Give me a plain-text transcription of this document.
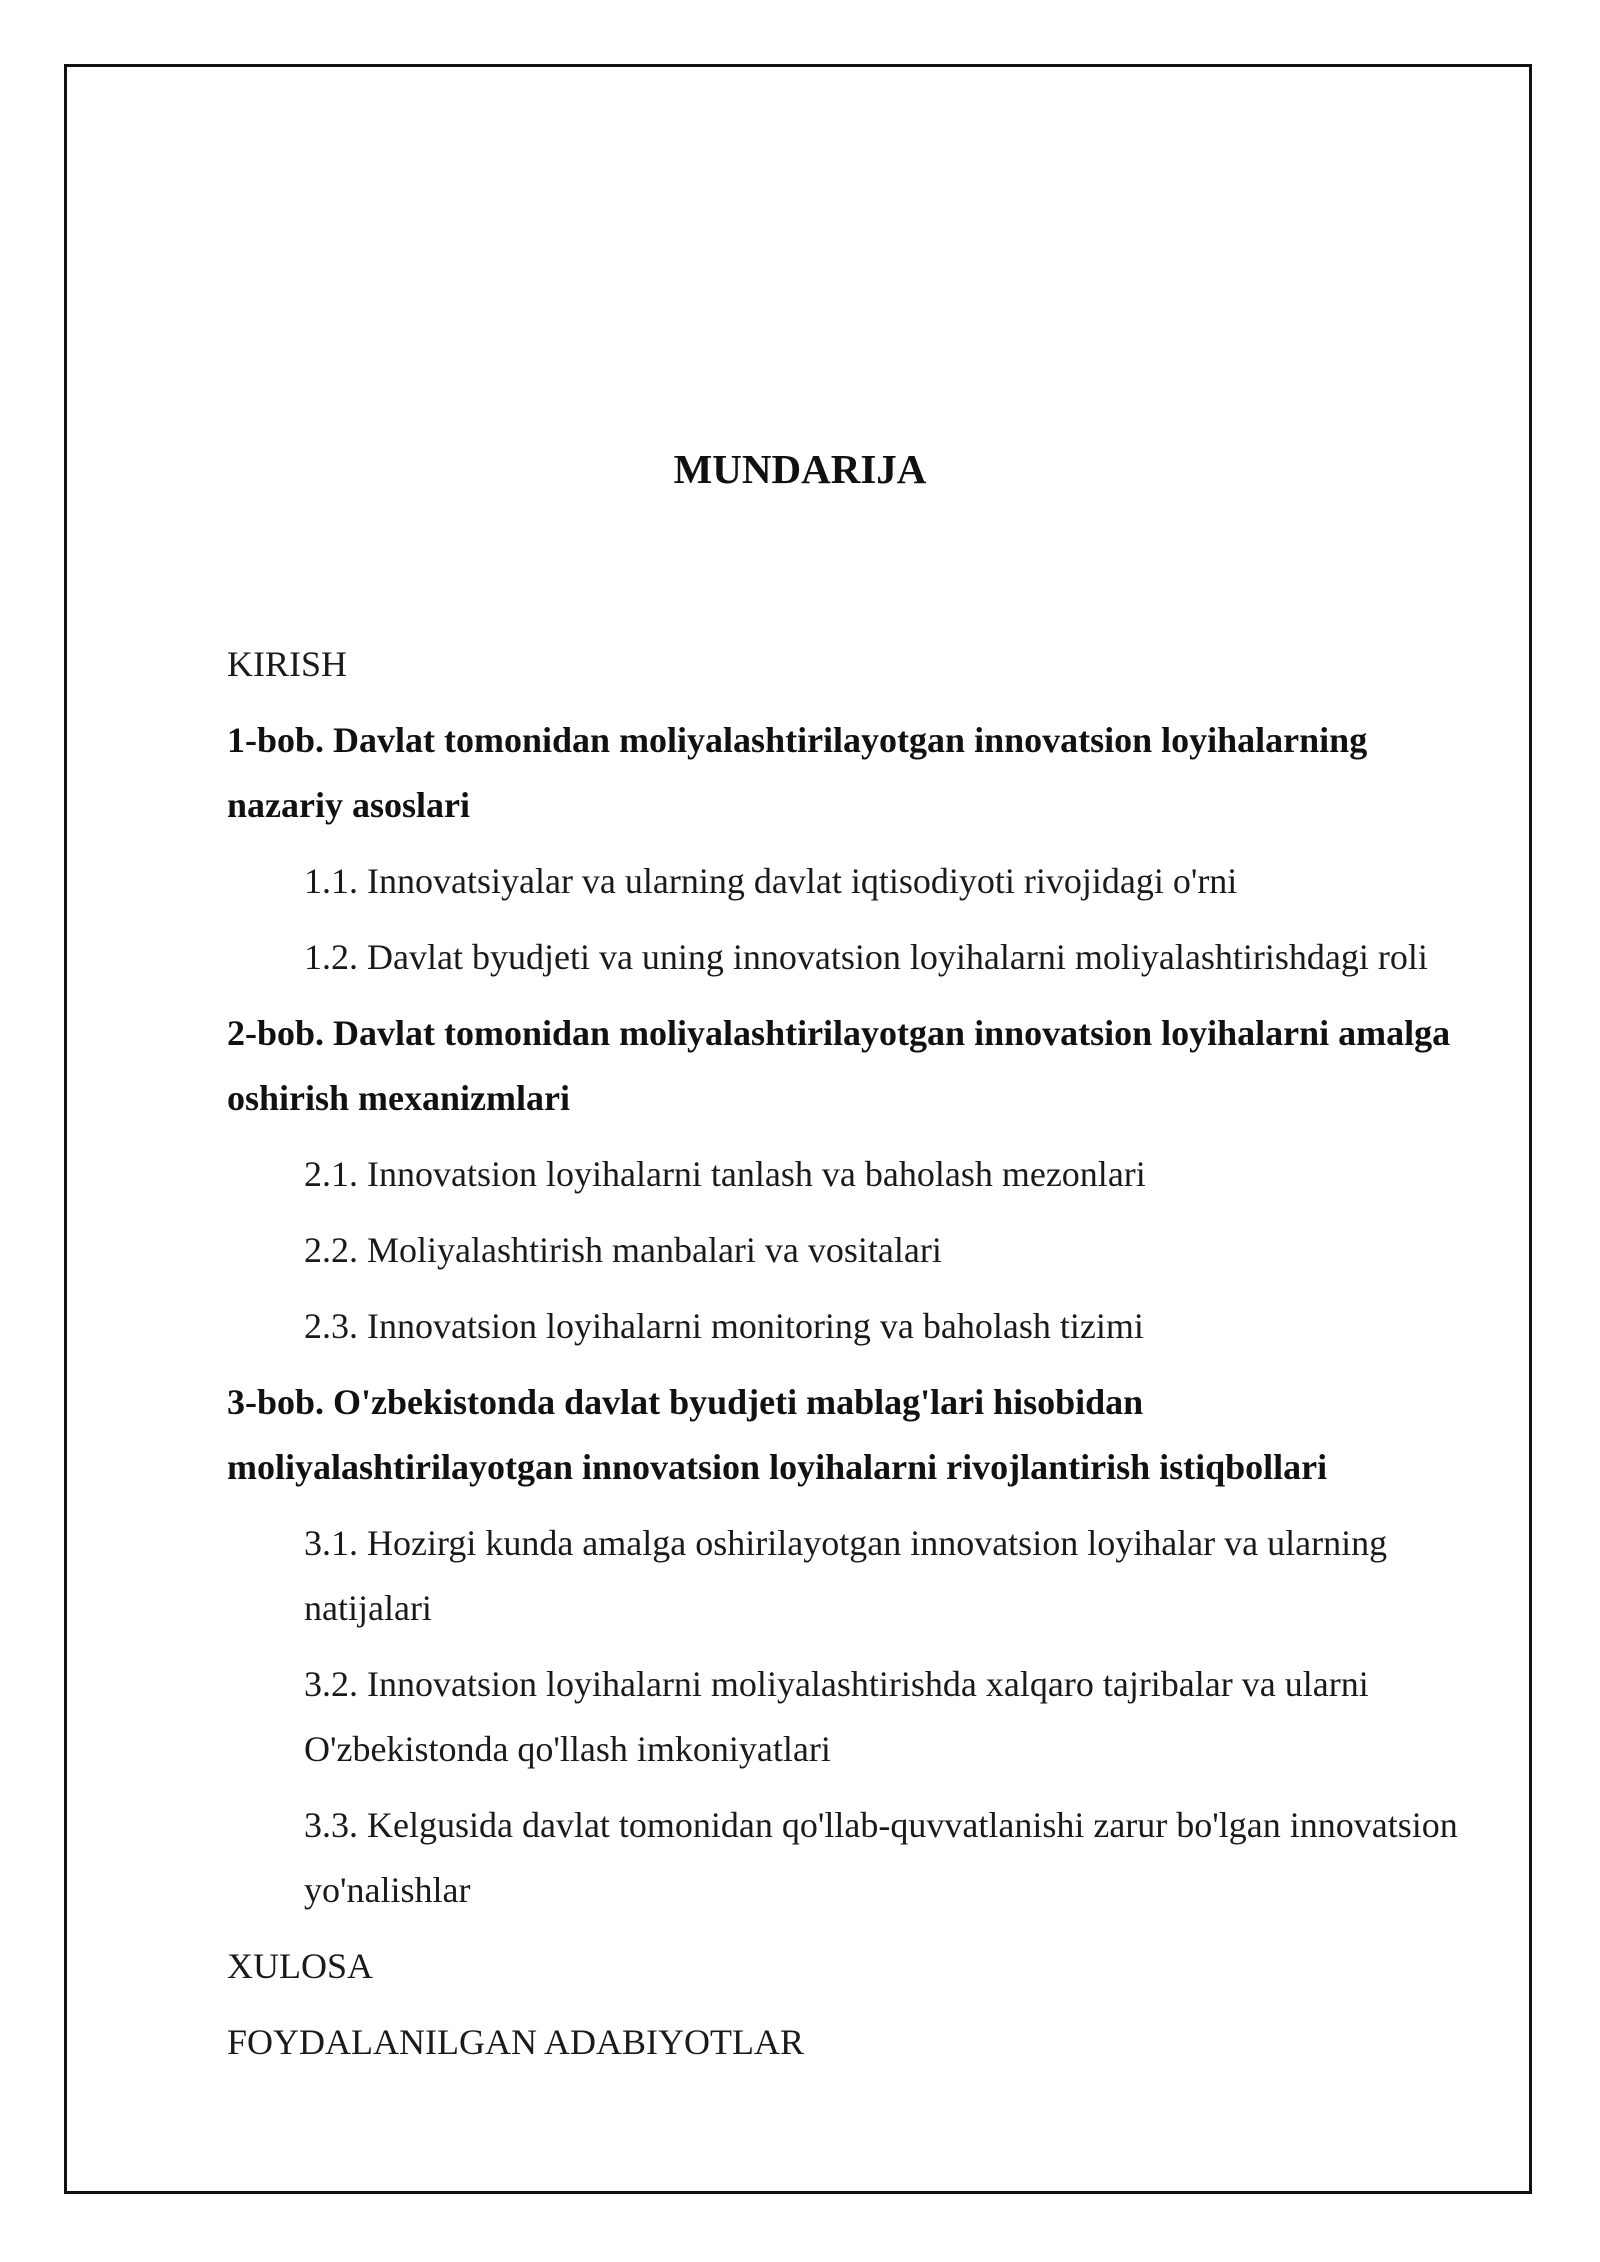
MUNDARIJA
KIRISH
1-bob. Davlat tomonidan moliyalashtirilayotgan innovatsion loyihalarning nazariy asoslari
1.1. Innovatsiyalar va ularning davlat iqtisodiyoti rivojidagi o'rni
1.2. Davlat byudjeti va uning innovatsion loyihalarni moliyalashtirishdagi roli
2-bob. Davlat tomonidan moliyalashtirilayotgan innovatsion loyihalarni amalga oshirish mexanizmlari
2.1. Innovatsion loyihalarni tanlash va baholash mezonlari
2.2. Moliyalashtirish manbalari va vositalari
2.3. Innovatsion loyihalarni monitoring va baholash tizimi
3-bob. O'zbekistonda davlat byudjeti mablag'lari hisobidan moliyalashtirilayotgan innovatsion loyihalarni rivojlantirish istiqbollari
3.1. Hozirgi kunda amalga oshirilayotgan innovatsion loyihalar va ularning natijalari
3.2. Innovatsion loyihalarni moliyalashtirishda xalqaro tajribalar va ularni O'zbekistonda qo'llash imkoniyatlari
3.3. Kelgusida davlat tomonidan qo'llab-quvvatlanishi zarur bo'lgan innovatsion yo'nalishlar
XULOSA
FOYDALANILGAN ADABIYOTLAR
